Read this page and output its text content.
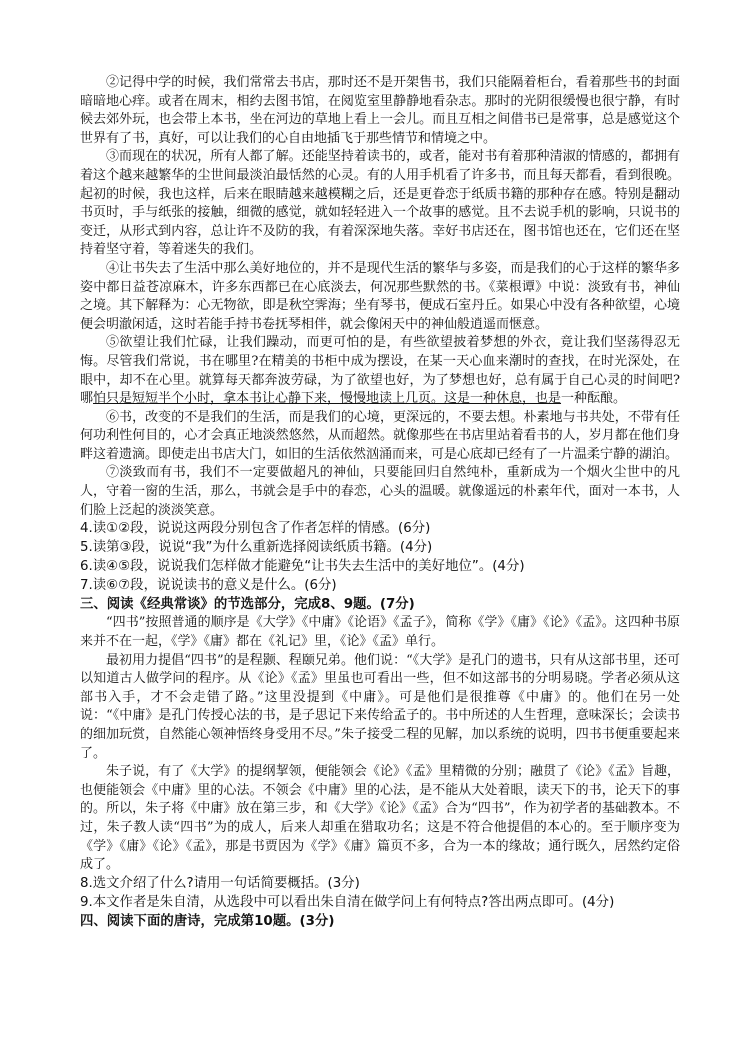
②记得中学的时候，我们常常去书店，那时还不是开架售书，我们只能隔着柜台，看着那些书的封面暗暗地心痒。或者在周末，相约去图书馆，在阅览室里静静地看杂志。那时的光阴很缓慢也很宁静，有时候去郊外玩，也会带上本书，坐在河边的草地上看上一会儿。而且互相之间借书已是常事，总是感觉这个世界有了书，真好，可以让我们的心自由地插飞于那些情节和情境之中。

③而现在的状况，所有人都了解。还能坚持着读书的，或者，能对书有着那种清淑的情感的，都拥有着这个越来越繁华的尘世间最淡泊最恬然的心灵。有的人用手机看了许多书，而且每天都看，看到很晚。起初的时候，我也这样，后来在眼睛越来越模糊之后，还是更眷恋于纸质书籍的那种存在感。特别是翻动书页时，手与纸张的接触，细微的感觉，就如轻轻进入一个故事的感觉。且不去说手机的影响，只说书的变迁，从形式到内容，总让许不及防的我，有着深深地失落。幸好书店还在，图书馆也还在，它们还在坚持着坚守着，等着迷失的我们。

④让书失去了生活中那么美好地位的，并不是现代生活的繁华与多姿，而是我们的心于这样的繁华多姿中都日益苍凉麻木，许多东西都已在心底淡去，何况那些默然的书。《菜根谭》中说：淡致有书，神仙之境。其下解释为：心无物欲，即是秋空霁海；坐有琴书，便成石室丹丘。如果心中没有各种欲望，心境便会明澈闲适，这时若能手持书卷抚琴相伴，就会像闲天中的神仙般逍遥而惬意。

⑤欲望让我们忙碌，让我们躁动，而更可怕的是，有些欲望披着梦想的外衣，竟让我们坚荡得忍无悔。尽管我们常说，书在哪里?在精美的书柜中成为摆设，在某一天心血来潮时的查找，在时光深处，在眼中，却不在心里。就算每天都奔波劳碌，为了欲望也好，为了梦想也好，总有属于自己心灵的时间吧?哪怕只是短短半个小时，拿本书让心静下来，慢慢地读上几页。这是一种休息，也是一种酝酿。

⑥书，改变的不是我们的生活，而是我们的心境，更深远的，不要去想。朴素地与书共处，不带有任何功利性何目的，心才会真正地淡然悠然，从而超然。就像那些在书店里站着看书的人，岁月都在他们身畔这着遗滴。即使走出书店大门，如旧的生活依然汹涌而来，可是心底却已经有了一片温柔宁静的湖泊。

⑦淡致而有书，我们不一定要做超凡的神仙，只要能回归自然纯朴，重新成为一个烟火尘世中的凡人，守着一窗的生活，那么，书就会是手中的春恋，心头的温暖。就像遥远的朴素年代，面对一本书，人们脸上泛起的淡淡笑意。

4.读①②段，说说这两段分别包含了作者怎样的情感。(6分)

5.读第③段，说说“我”为什么重新选择阅读纸质书籍。(4分)

6.读④⑤段，说说我们怎样做才能避免“让书失去生活中的美好地位”。(4分)

7.读⑥⑦段，说说读书的意义是什么。(6分)

三、阅读《经典常谈》的节选部分，完成8、9题。(7分)

“四书”按照普通的顺序是《大学》《中庸》《论语》《孟子》，简称《学》《庸》《论》《孟》。这四种书原来并不在一起，《学》《庸》都在《礼记》里，《论》《孟》单行。

最初用力提倡“四书”的是程颢、程颐兄弟。他们说：“《大学》是孔门的遗书，只有从这部书里，还可以知道古人做学问的程序。从《论》《孟》里虽也可看出一些，但不如这部书的分明易晓。学者必须从这部书入手，才不会走错了路。”这里没提到《中庸》。可是他们是很推尊《中庸》的。他们在另一处说：“《中庸》是孔门传授心法的书，是子思记下来传给孟子的。书中所述的人生哲理，意味深长；会读书的细加玩赏，自然能心领神悟终身受用不尽。”朱子接受二程的见解，加以系统的说明，四书书便重要起来了。

朱子说，有了《大学》的提纲挈领，便能领会《论》《孟》里精微的分别；融贯了《论》《孟》旨趣，也便能领会《中庸》里的心法。不领会《中庸》里的心法，是不能从大处着眼，读天下的书，论天下的事的。所以，朱子将《中庸》放在第三步，和《大学》《论》《孟》合为“四书”，作为初学者的基础教本。不过，朱子教人读“四书”为的成人，后来人却重在猎取功名；这是不符合他提倡的本心的。至于顺序变为《学》《庸》《论》《孟》，那是书贾因为《学》《庸》篇页不多，合为一本的缘故；通行既久，居然约定俗成了。

8.选文介绍了什么?请用一句话简要概括。(3分)

9.本文作者是朱自清，从选段中可以看出朱自清在做学问上有何特点?答出两点即可。(4分)

四、阅读下面的唐诗，完成第10题。(3分)
